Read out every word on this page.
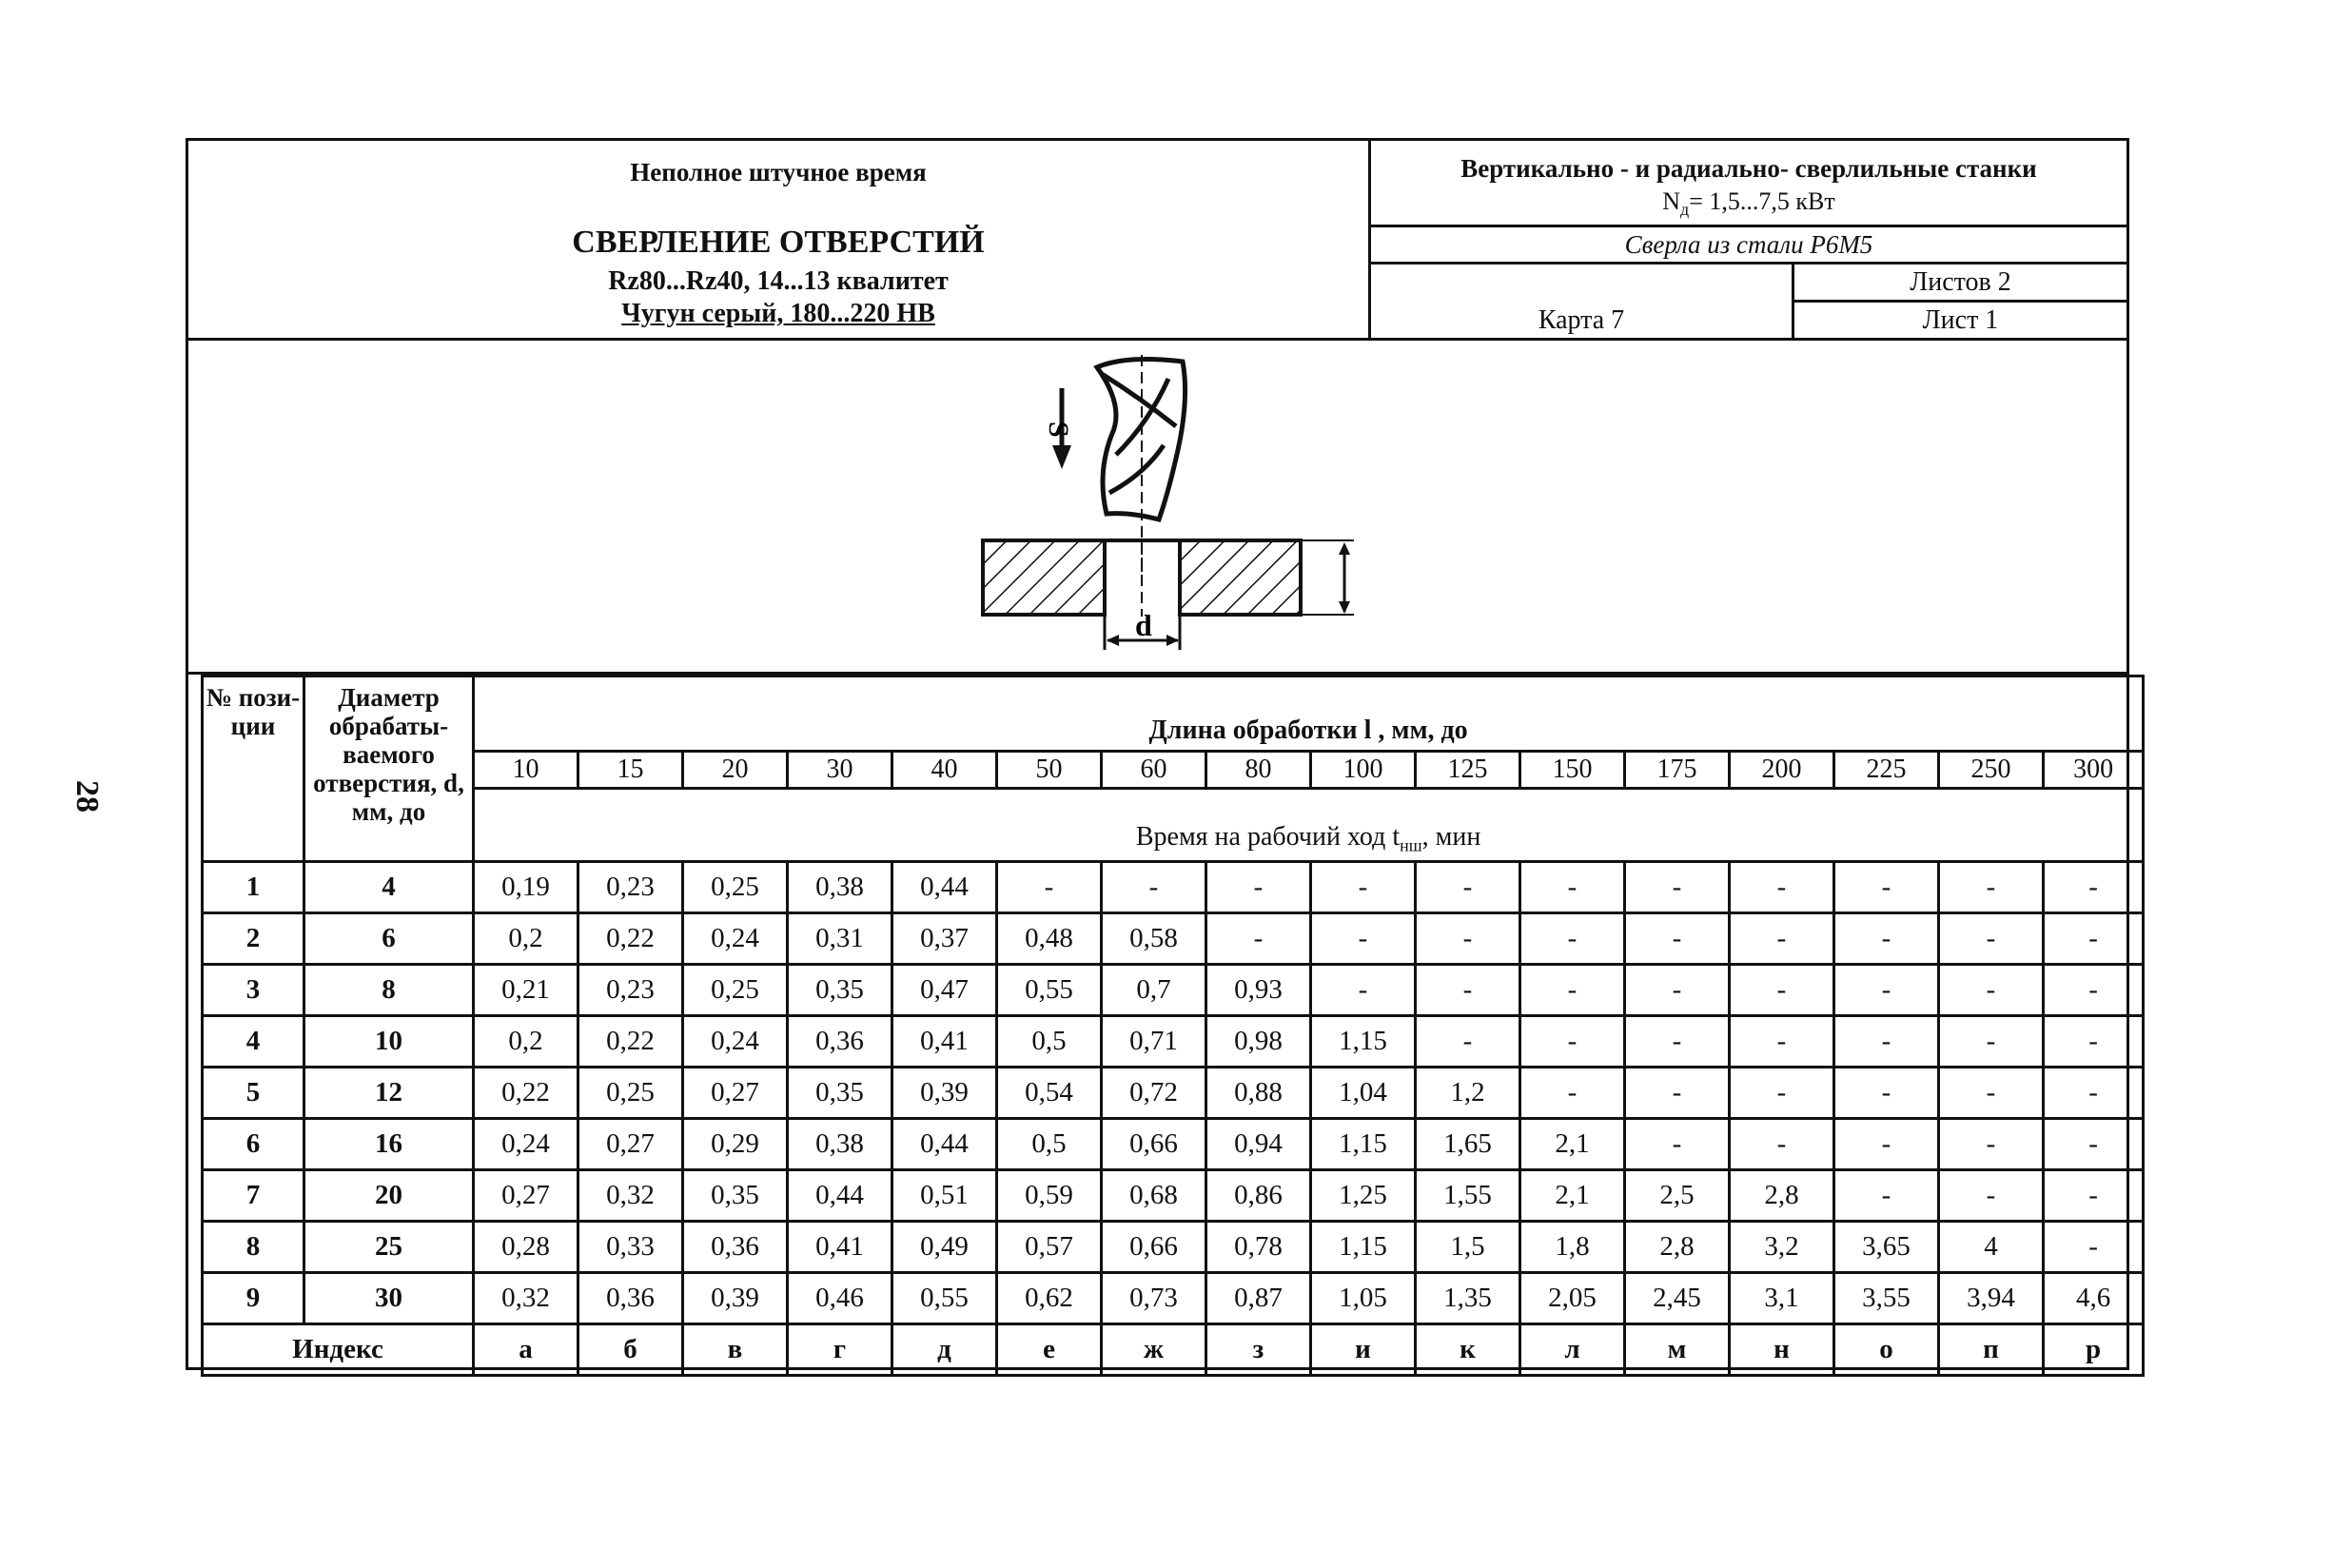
28
Неполное штучное время
СВЕРЛЕНИЕ ОТВЕРСТИЙ
Rz80...Rz40, 14...13 квалитет
Чугун серый, 180...220 НВ
Вертикально - и радиально- сверлильные станки
$N_д= 1,5...7,5$ кВт
Сверла из стали Р6М5
Карта 7
Листов 2
Лист 1
S
d
№ пози- ции	Диаметр обрабаты- ваемого отверстия, d, мм, до	Длина обработки l , мм, до															
		10	15	20	30	40	50	60	80	100	125	150	175	200	225	250	300
		Время на рабочий ход $t_{нш}$, мин															
1	4	0,19	0,23	0,25	0,38	0,44	-	-	-	-	-	-	-	-	-	-	-
2	6	0,2	0,22	0,24	0,31	0,37	0,48	0,58	-	-	-	-	-	-	-	-	-
3	8	0,21	0,23	0,25	0,35	0,47	0,55	0,7	0,93	-	-	-	-	-	-	-	-
4	10	0,2	0,22	0,24	0,36	0,41	0,5	0,71	0,98	1,15	-	-	-	-	-	-	-
5	12	0,22	0,25	0,27	0,35	0,39	0,54	0,72	0,88	1,04	1,2	-	-	-	-	-	-
6	16	0,24	0,27	0,29	0,38	0,44	0,5	0,66	0,94	1,15	1,65	2,1	-	-	-	-	-
7	20	0,27	0,32	0,35	0,44	0,51	0,59	0,68	0,86	1,25	1,55	2,1	2,5	2,8	-	-	-
8	25	0,28	0,33	0,36	0,41	0,49	0,57	0,66	0,78	1,15	1,5	1,8	2,8	3,2	3,65	4	-
9	30	0,32	0,36	0,39	0,46	0,55	0,62	0,73	0,87	1,05	1,35	2,05	2,45	3,1	3,55	3,94	4,6
Индекс		а	б	в	г	д	е	ж	з	и	к	л	м	н	о	п	р
